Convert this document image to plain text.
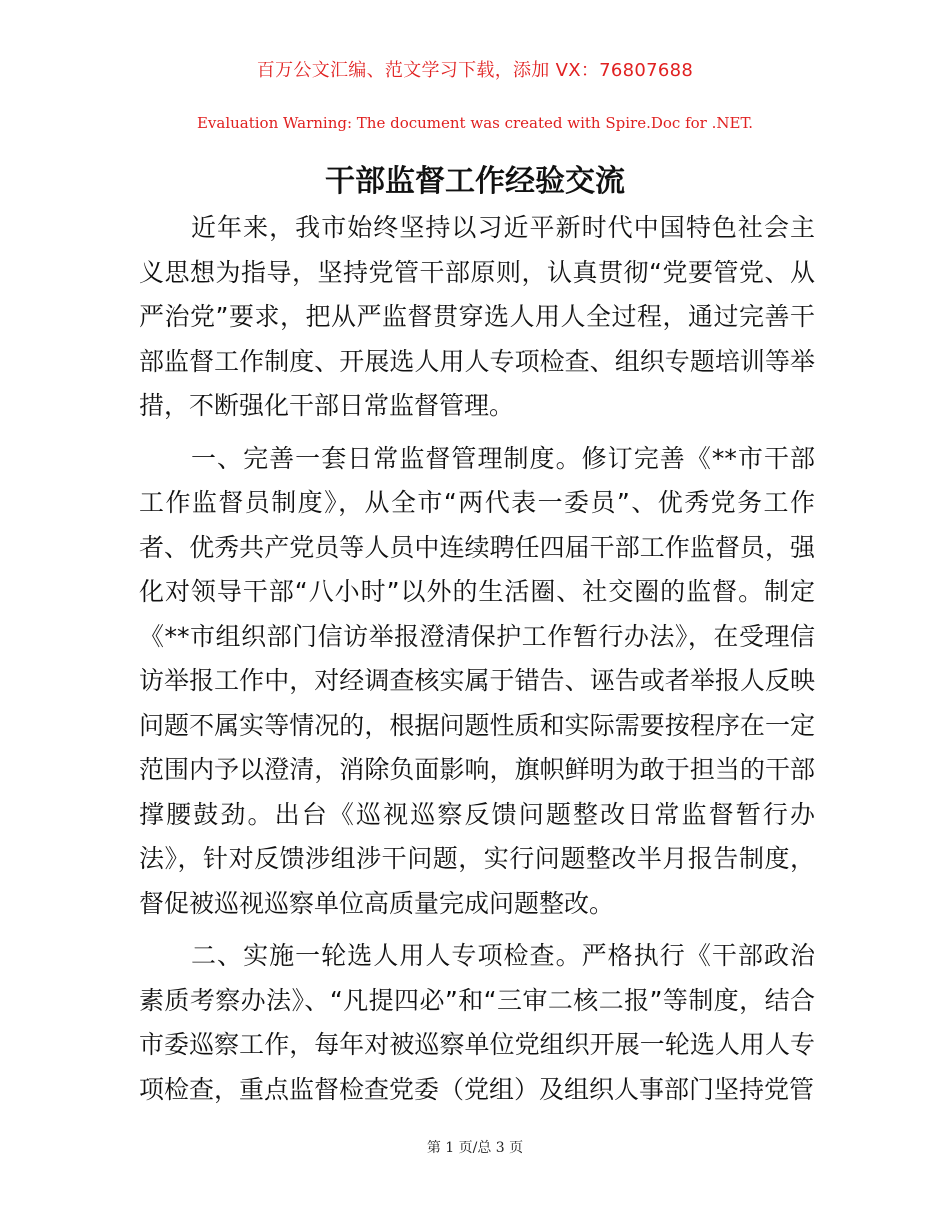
百万公文汇编、范文学习下载，添加 VX：76807688
Evaluation Warning: The document was created with Spire.Doc for .NET.
干部监督工作经验交流

近年来，我市始终坚持以习近平新时代中国特色社会主义思想为指导，坚持党管干部原则，认真贯彻“党要管党、从严治党”要求，把从严监督贯穿选人用人全过程，通过完善干部监督工作制度、开展选人用人专项检查、组织专题培训等举措，不断强化干部日常监督管理。

一、完善一套日常监督管理制度。修订完善《**市干部工作监督员制度》，从全市“两代表一委员”、优秀党务工作者、优秀共产党员等人员中连续聘任四届干部工作监督员，强化对领导干部“八小时”以外的生活圈、社交圈的监督。制定《**市组织部门信访举报澄清保护工作暂行办法》，在受理信访举报工作中，对经调查核实属于错告、诬告或者举报人反映问题不属实等情况的，根据问题性质和实际需要按程序在一定范围内予以澄清，消除负面影响，旗帜鲜明为敢于担当的干部撑腰鼓劲。出台《巡视巡察反馈问题整改日常监督暂行办法》，针对反馈涉组涉干问题，实行问题整改半月报告制度，督促被巡视巡察单位高质量完成问题整改。

二、实施一轮选人用人专项检查。严格执行《干部政治素质考察办法》、“凡提四必”和“三审二核二报”等制度，结合市委巡察工作，每年对被巡察单位党组织开展一轮选人用人专项检查，重点监督检查党委（党组）及组织人事部门坚持党管

第 1 页/总 3 页
